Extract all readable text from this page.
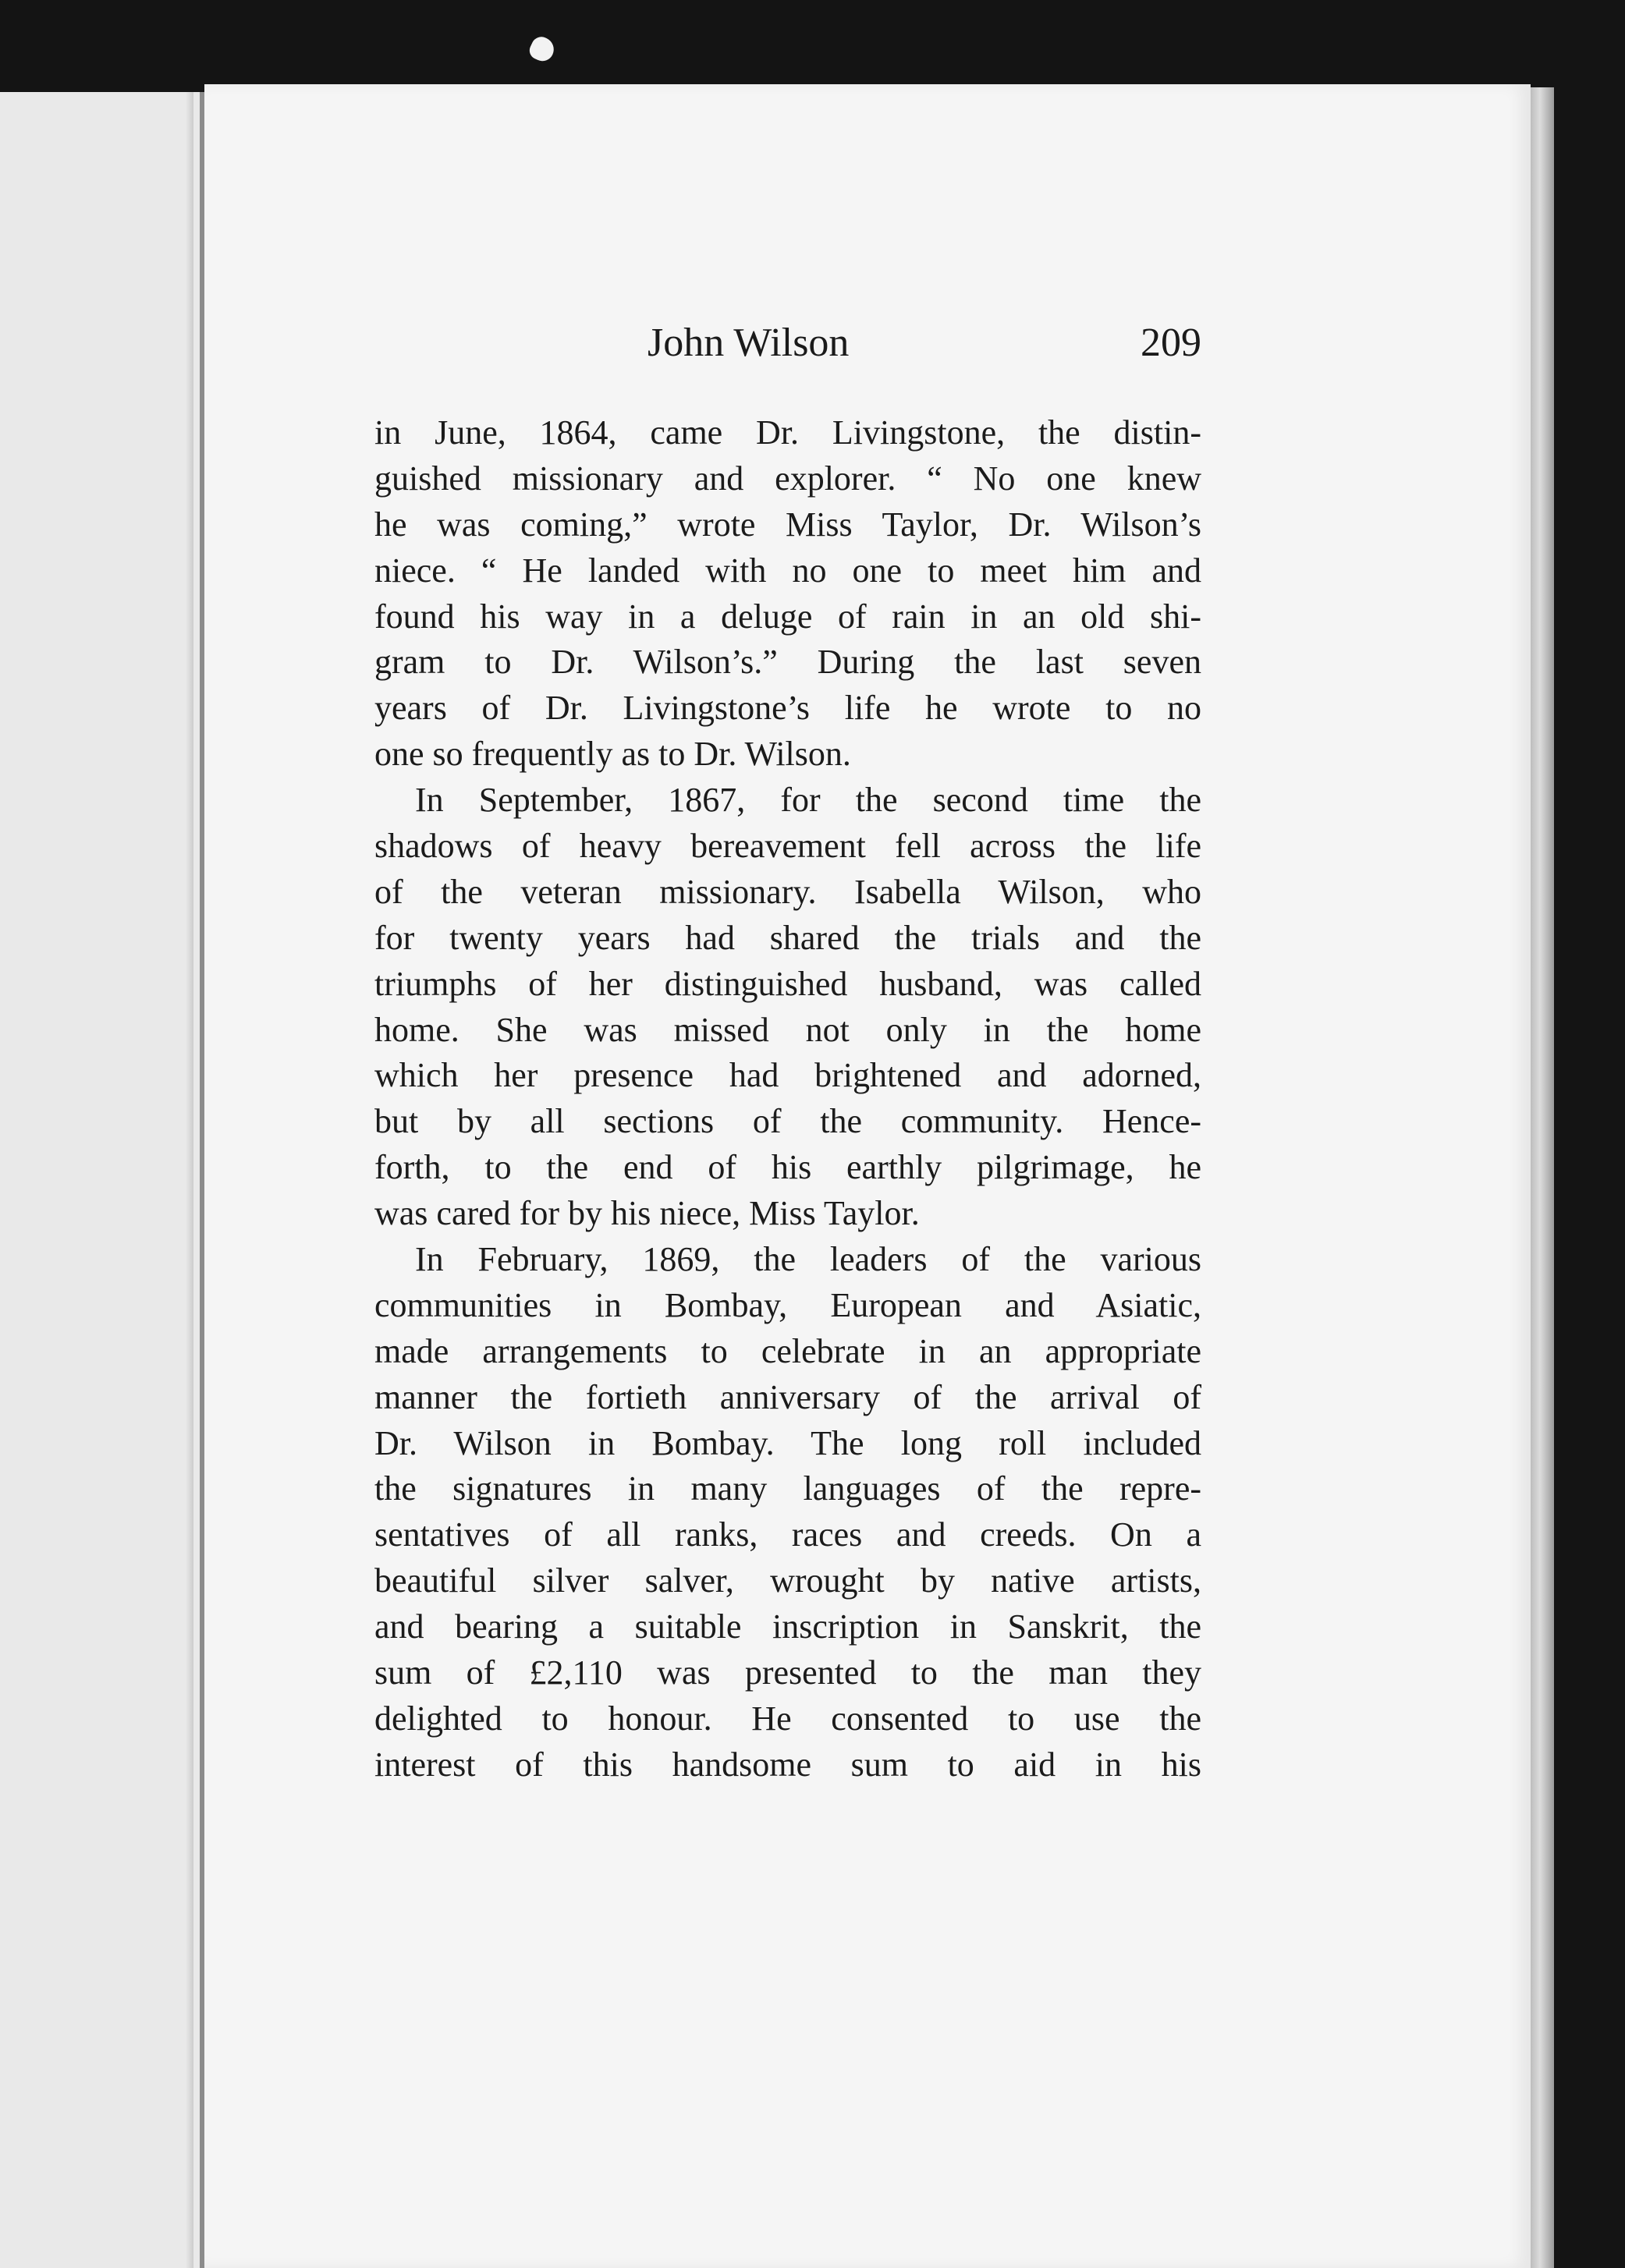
John Wilson	209
in June, 1864, came Dr. Livingstone, the distin-
guished missionary and explorer. “ No one knew
he was coming,” wrote Miss Taylor, Dr. Wilson’s
niece. “ He landed with no one to meet him and
found his way in a deluge of rain in an old shi-
gram to Dr. Wilson’s.” During the last seven
years of Dr. Livingstone’s life he wrote to no
one so frequently as to Dr. Wilson.
In September, 1867, for the second time the
shadows of heavy bereavement fell across the life
of the veteran missionary. Isabella Wilson, who
for twenty years had shared the trials and the
triumphs of her distinguished husband, was called
home. She was missed not only in the home
which her presence had brightened and adorned,
but by all sections of the community. Hence-
forth, to the end of his earthly pilgrimage, he
was cared for by his niece, Miss Taylor.
In February, 1869, the leaders of the various
communities in Bombay, European and Asiatic,
made arrangements to celebrate in an appropriate
manner the fortieth anniversary of the arrival of
Dr. Wilson in Bombay. The long roll included
the signatures in many languages of the repre-
sentatives of all ranks, races and creeds. On a
beautiful silver salver, wrought by native artists,
and bearing a suitable inscription in Sanskrit, the
sum of £2,110 was presented to the man they
delighted to honour. He consented to use the
interest of this handsome sum to aid in his
